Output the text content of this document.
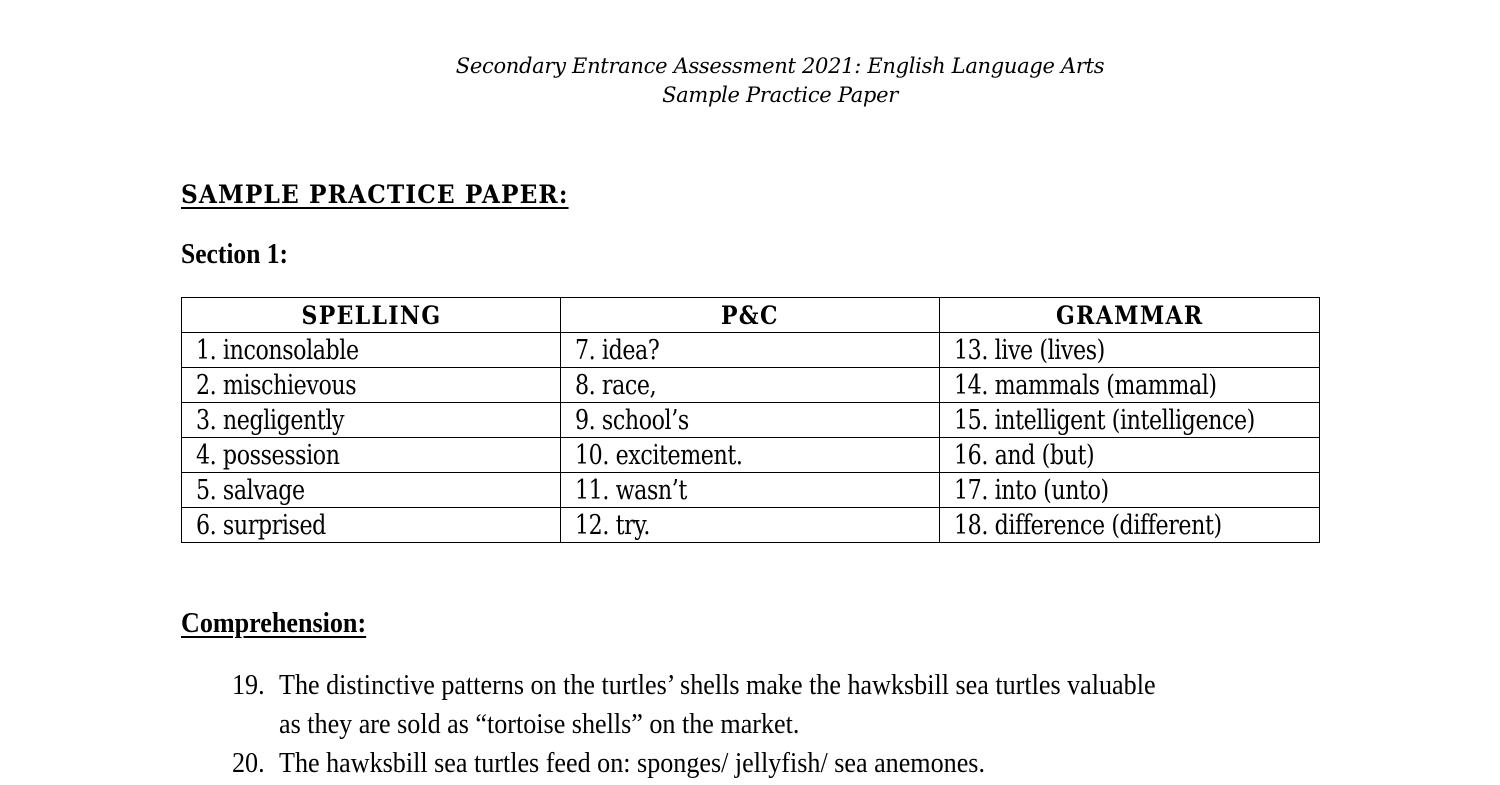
Secondary Entrance Assessment 2021: English Language Arts
Sample Practice Paper
SAMPLE PRACTICE PAPER:
Section 1:
SPELLING	P&C	GRAMMAR
1. inconsolable	7. idea?	13. live (lives)
2. mischievous	8. race,	14. mammals (mammal)
3. negligently	9. school’s	15. intelligent (intelligence)
4. possession	10. excitement.	16. and (but)
5. salvage	11. wasn’t	17. into (unto)
6. surprised	12. try.	18. difference (different)
Comprehension:
19. The distinctive patterns on the turtles’ shells make the hawksbill sea turtles valuable
as they are sold as “tortoise shells” on the market.
20. The hawksbill sea turtles feed on: sponges/ jellyfish/ sea anemones.
